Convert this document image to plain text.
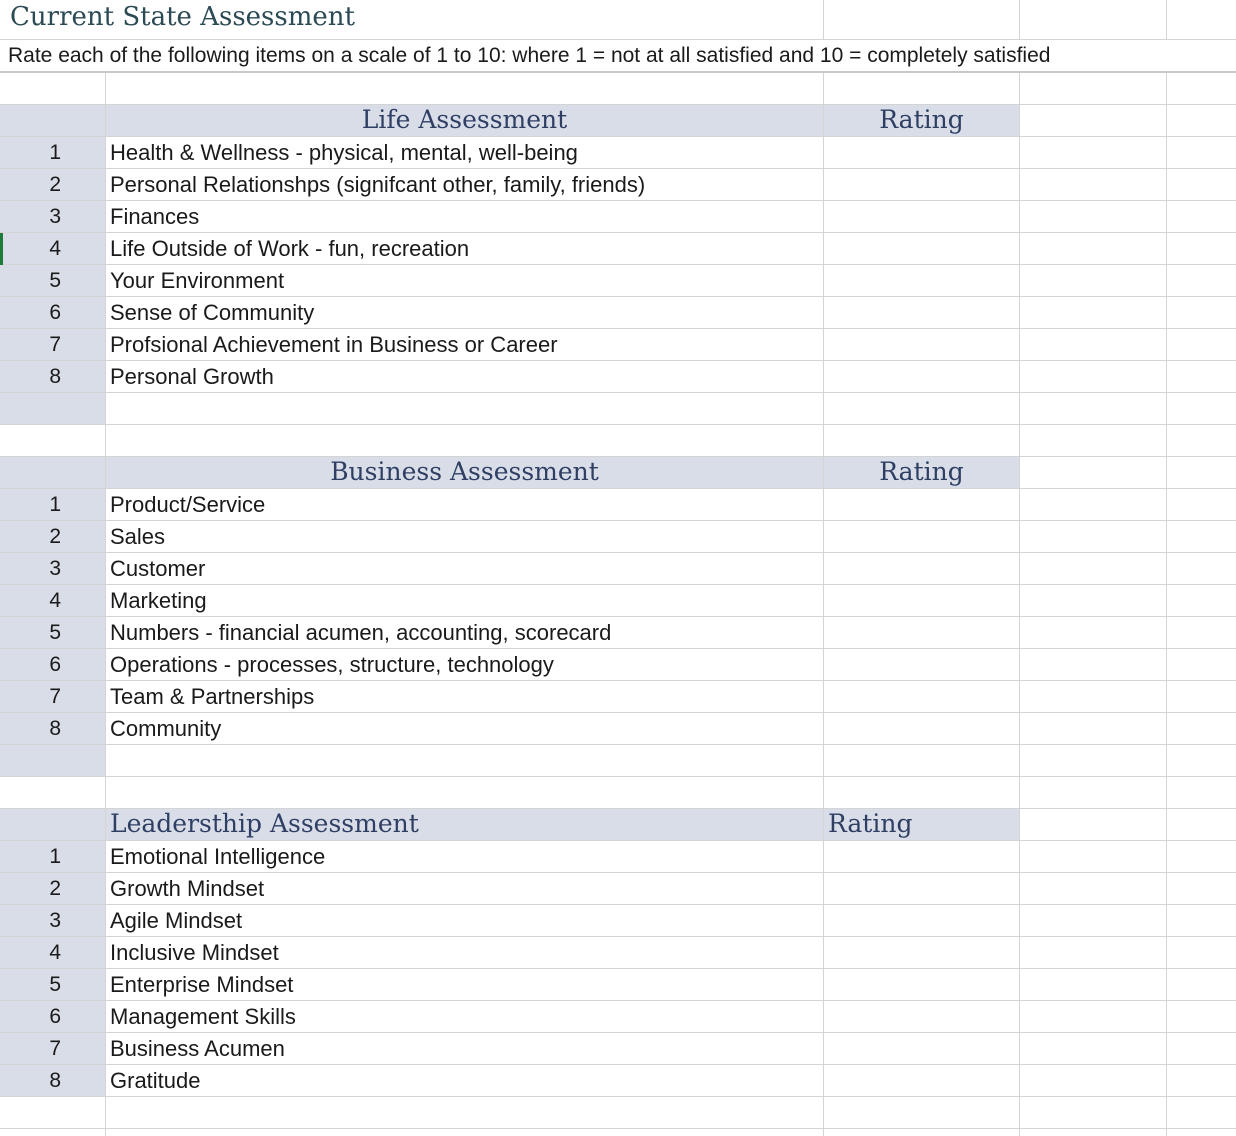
Current State Assessment
Rate each of the following items on a scale of 1 to 10: where 1 = not at all satisfied and 10 = completely satisfied
Life Assessment	Rating
1	Health & Wellness - physical, mental, well-being
2	Personal Relationshps (signifcant other, family, friends)
3	Finances
4	Life Outside of Work - fun, recreation
5	Your Environment
6	Sense of Community
7	Profsional Achievement in Business or Career
8	Personal Growth
Business Assessment	Rating
1	Product/Service
2	Sales
3	Customer
4	Marketing
5	Numbers - financial acumen, accounting, scorecard
6	Operations - processes, structure, technology
7	Team & Partnerships
8	Community
Leadersthip Assessment	Rating
1	Emotional Intelligence
2	Growth Mindset
3	Agile Mindset
4	Inclusive Mindset
5	Enterprise Mindset
6	Management Skills
7	Business Acumen
8	Gratitude
